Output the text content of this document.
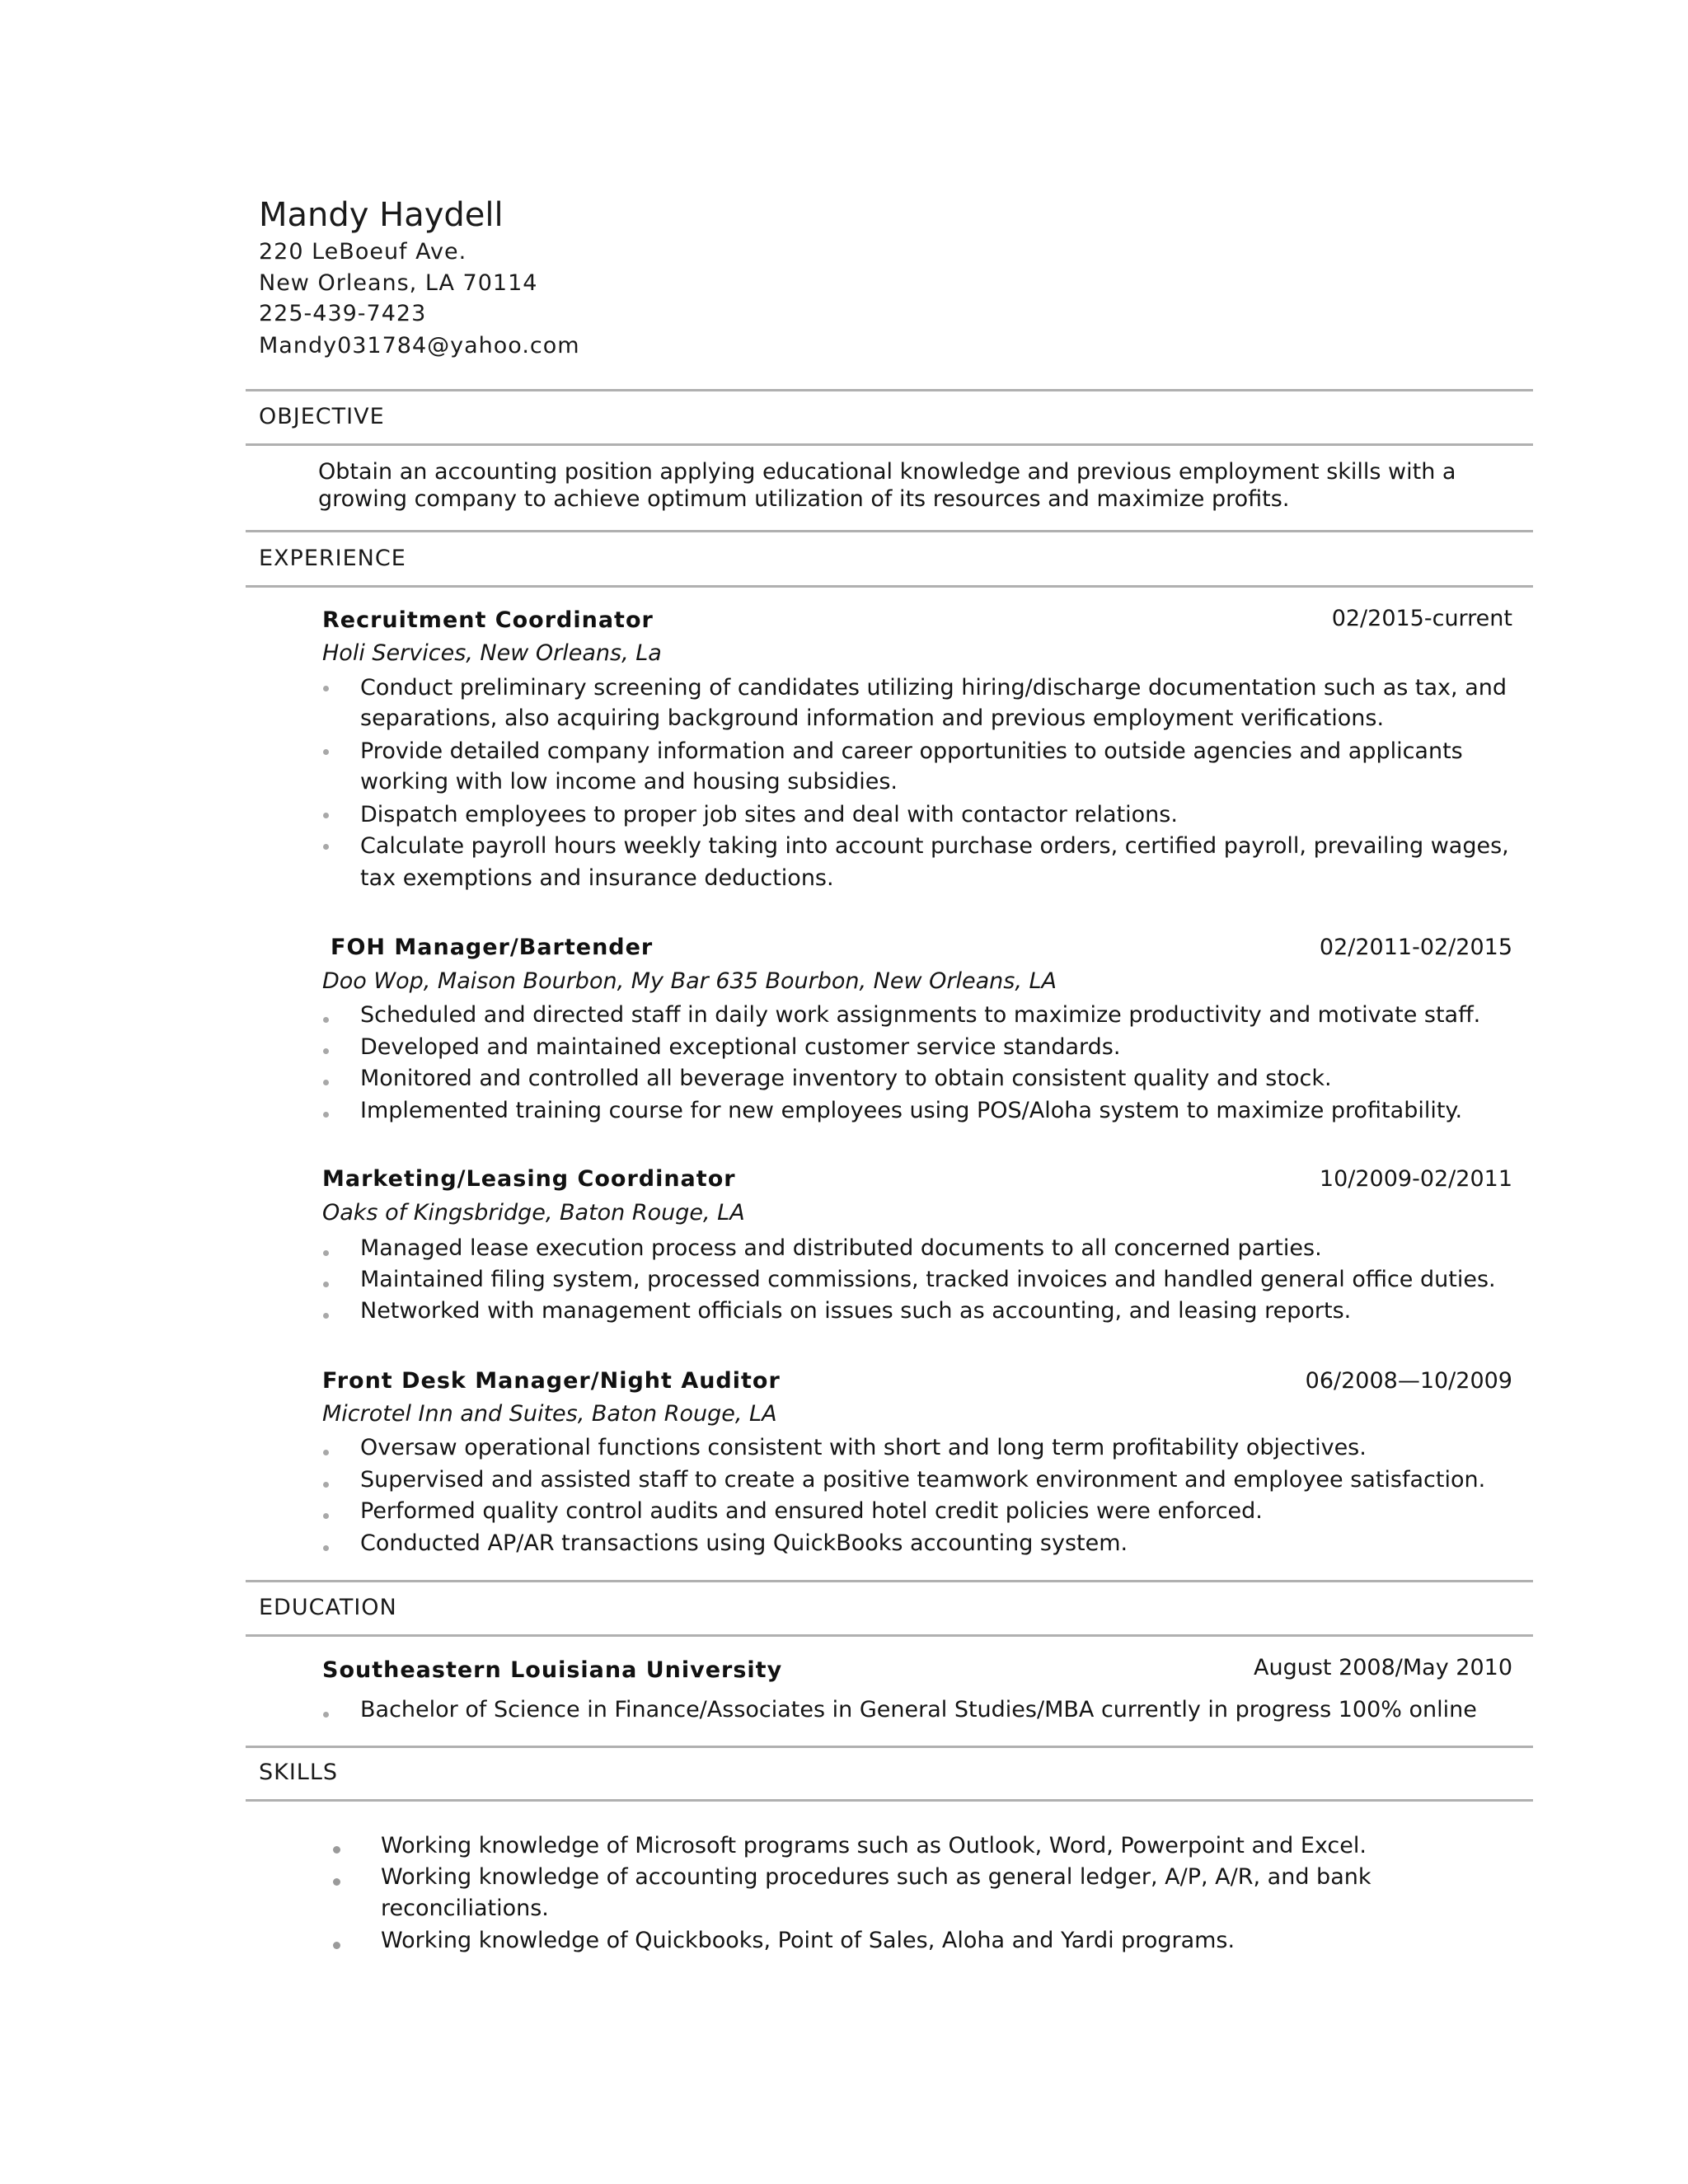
Mandy Haydell
220 LeBoeuf Ave.
New Orleans, LA 70114
225-439-7423
Mandy031784@yahoo.com
OBJECTIVE
Obtain an accounting position applying educational knowledge and previous employment skills with a
growing company to achieve optimum utilization of its resources and maximize profits.
EXPERIENCE
Recruitment Coordinator	02/2015-current
Holi Services, New Orleans, La
Conduct preliminary screening of candidates utilizing hiring/discharge documentation such as tax, and
separations, also acquiring background information and previous employment verifications.
Provide detailed company information and career opportunities to outside agencies and applicants
working with low income and housing subsidies.
Dispatch employees to proper job sites and deal with contactor relations.
Calculate payroll hours weekly taking into account purchase orders, certified payroll, prevailing wages,
tax exemptions and insurance deductions.
FOH Manager/Bartender	02/2011-02/2015
Doo Wop, Maison Bourbon, My Bar 635 Bourbon, New Orleans, LA
Scheduled and directed staff in daily work assignments to maximize productivity and motivate staff.
Developed and maintained exceptional customer service standards.
Monitored and controlled all beverage inventory to obtain consistent quality and stock.
Implemented training course for new employees using POS/Aloha system to maximize profitability.
Marketing/Leasing Coordinator	10/2009-02/2011
Oaks of Kingsbridge, Baton Rouge, LA
Managed lease execution process and distributed documents to all concerned parties.
Maintained filing system, processed commissions, tracked invoices and handled general office duties.
Networked with management officials on issues such as accounting, and leasing reports.
Front Desk Manager/Night Auditor	06/2008—10/2009
Microtel Inn and Suites, Baton Rouge, LA
Oversaw operational functions consistent with short and long term profitability objectives.
Supervised and assisted staff to create a positive teamwork environment and employee satisfaction.
Performed quality control audits and ensured hotel credit policies were enforced.
Conducted AP/AR transactions using QuickBooks accounting system.
EDUCATION
Southeastern Louisiana University	August 2008/May 2010
Bachelor of Science in Finance/Associates in General Studies/MBA currently in progress 100% online
SKILLS
Working knowledge of Microsoft programs such as Outlook, Word, Powerpoint and Excel.
Working knowledge of accounting procedures such as general ledger, A/P, A/R, and bank
reconciliations.
Working knowledge of Quickbooks, Point of Sales, Aloha and Yardi programs.
